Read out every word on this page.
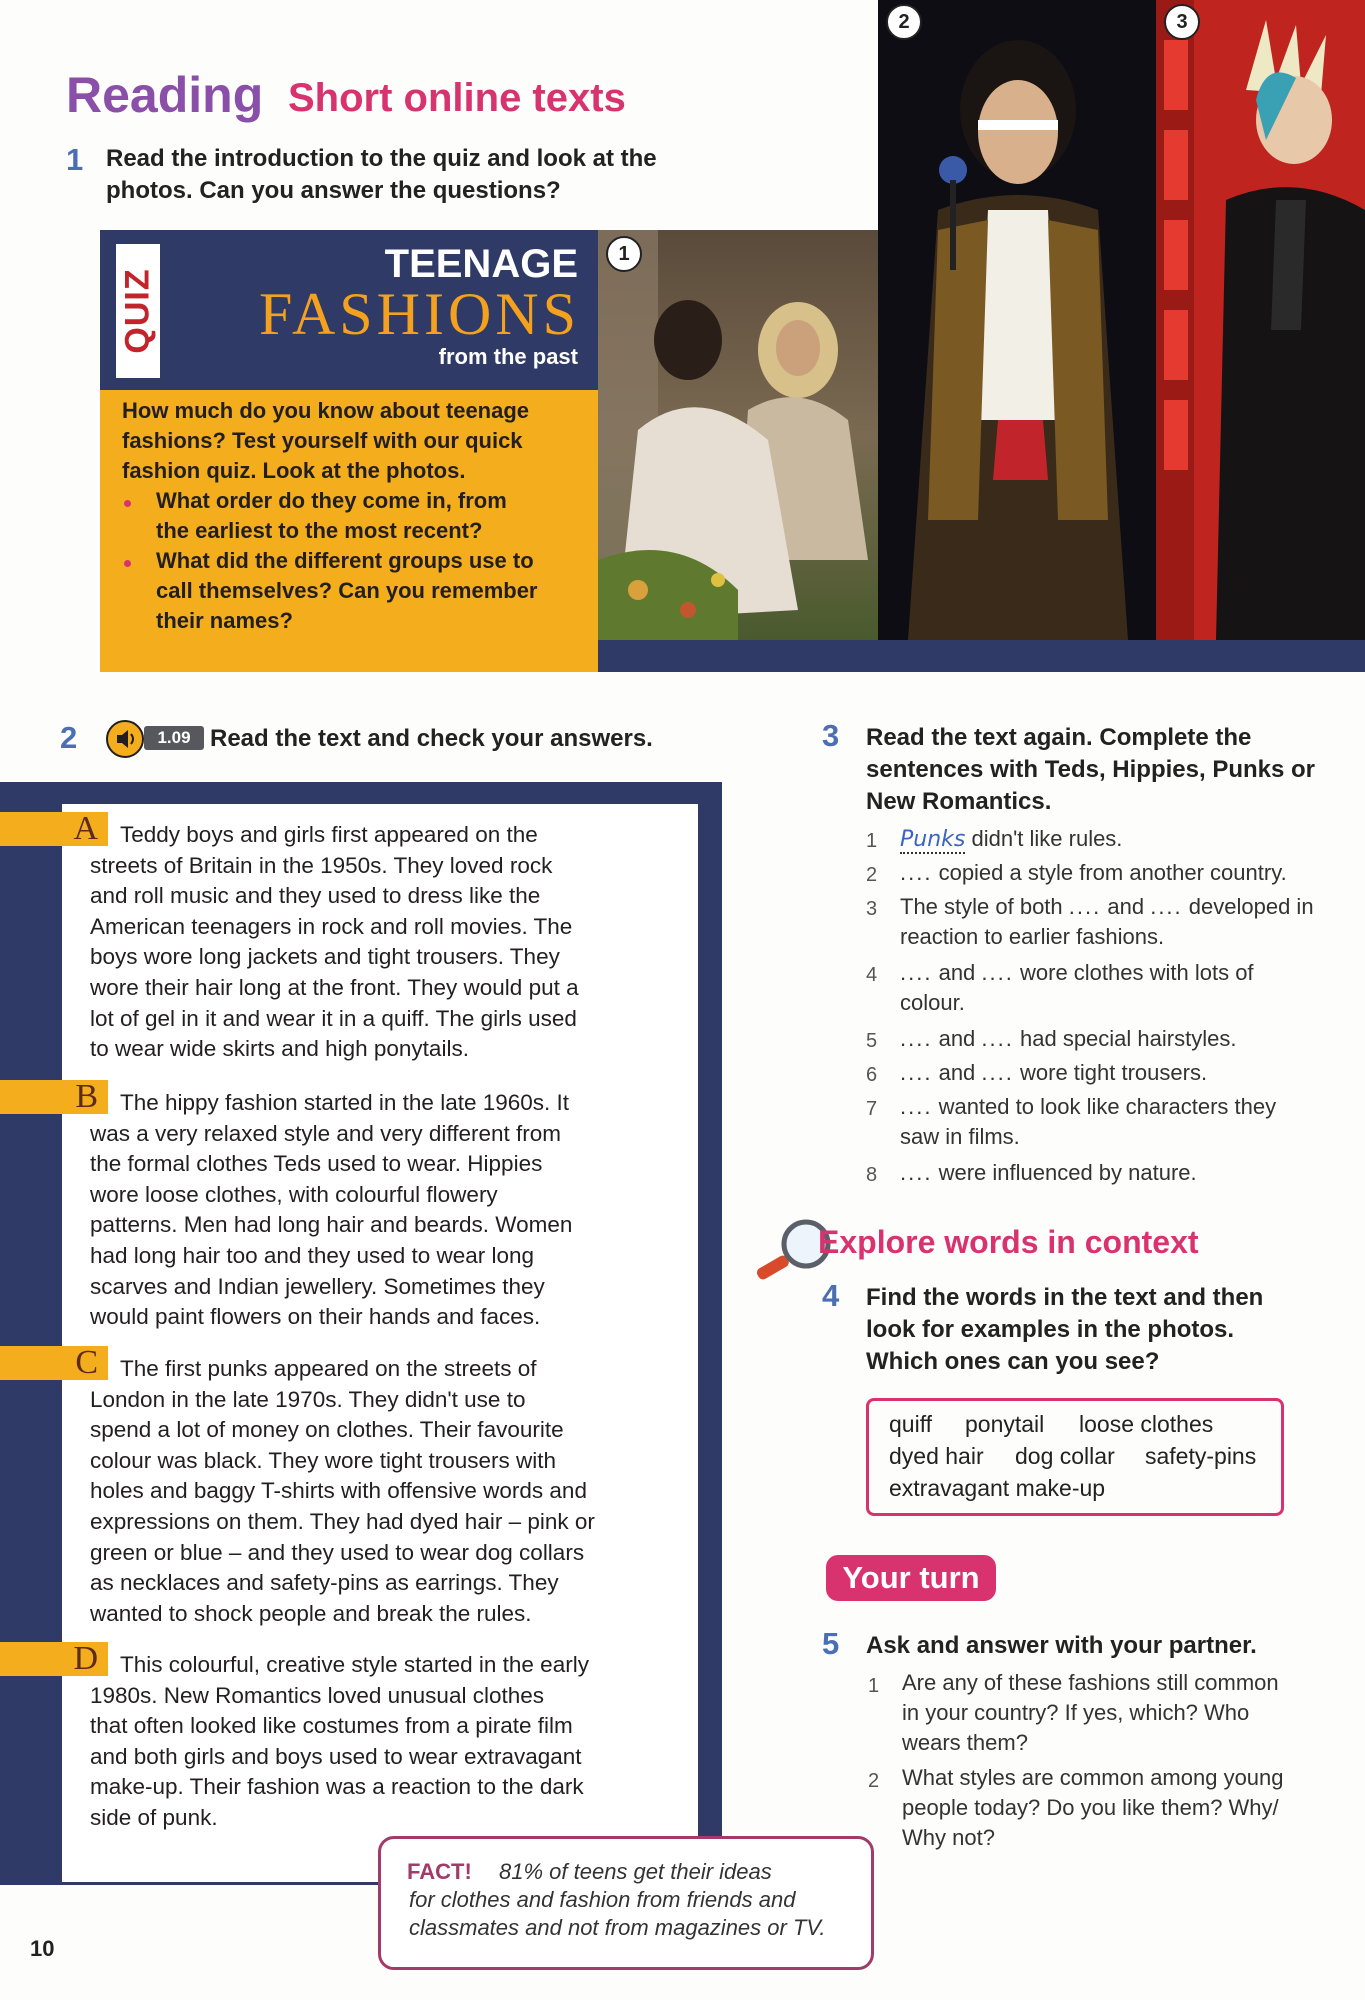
Reading Short online texts
1 Read the introduction to the quiz and look at the
photos. Can you answer the questions?
QUIZ
TEENAGE
FASHIONS
from the past
How much do you know about teenage
fashions? Test yourself with our quick
fashion quiz. Look at the photos.
What order do they come in, from
the earliest to the most recent?
What did the different groups use to
call themselves? Can you remember
their names?
1
2	3
2	1.09 Read the text and check your answers.
A Teddy boys and girls first appeared on the
streets of Britain in the 1950s. They loved rock
and roll music and they used to dress like the
American teenagers in rock and roll movies. The
boys wore long jackets and tight trousers. They
wore their hair long at the front. They would put a
lot of gel in it and wear it in a quiff. The girls used
to wear wide skirts and high ponytails.
B The hippy fashion started in the late 1960s. It
was a very relaxed style and very different from
the formal clothes Teds used to wear. Hippies
wore loose clothes, with colourful flowery
patterns. Men had long hair and beards. Women
had long hair too and they used to wear long
scarves and Indian jewellery. Sometimes they
would paint flowers on their hands and faces.
C The first punks appeared on the streets of
London in the late 1970s. They didn't use to
spend a lot of money on clothes. Their favourite
colour was black. They wore tight trousers with
holes and baggy T-shirts with offensive words and
expressions on them. They had dyed hair – pink or
green or blue – and they used to wear dog collars
as necklaces and safety-pins as earrings. They
wanted to shock people and break the rules.
D This colourful, creative style started in the early
1980s. New Romantics loved unusual clothes
that often looked like costumes from a pirate film
and both girls and boys used to wear extravagant
make-up. Their fashion was a reaction to the dark
side of punk.
3 Read the text again. Complete the
sentences with Teds, Hippies, Punks or
New Romantics.
1 Punks didn't like rules.
2 .... copied a style from another country.
3 The style of both .... and .... developed in
reaction to earlier fashions.
4 .... and .... wore clothes with lots of
colour.
5 .... and .... had special hairstyles.
6 .... and .... wore tight trousers.
7 .... wanted to look like characters they
saw in films.
8 .... were influenced by nature.
Explore words in context
4 Find the words in the text and then
look for examples in the photos.
Which ones can you see?
quiff ponytail loose clothes
dyed hair dog collar safety-pins
extravagant make-up
Your turn
5 Ask and answer with your partner.
1 Are any of these fashions still common
in your country? If yes, which? Who
wears them?
2 What styles are common among young
people today? Do you like them? Why/
Why not?
FACT! 81% of teens get their ideas
for clothes and fashion from friends and
classmates and not from magazines or TV.
10
